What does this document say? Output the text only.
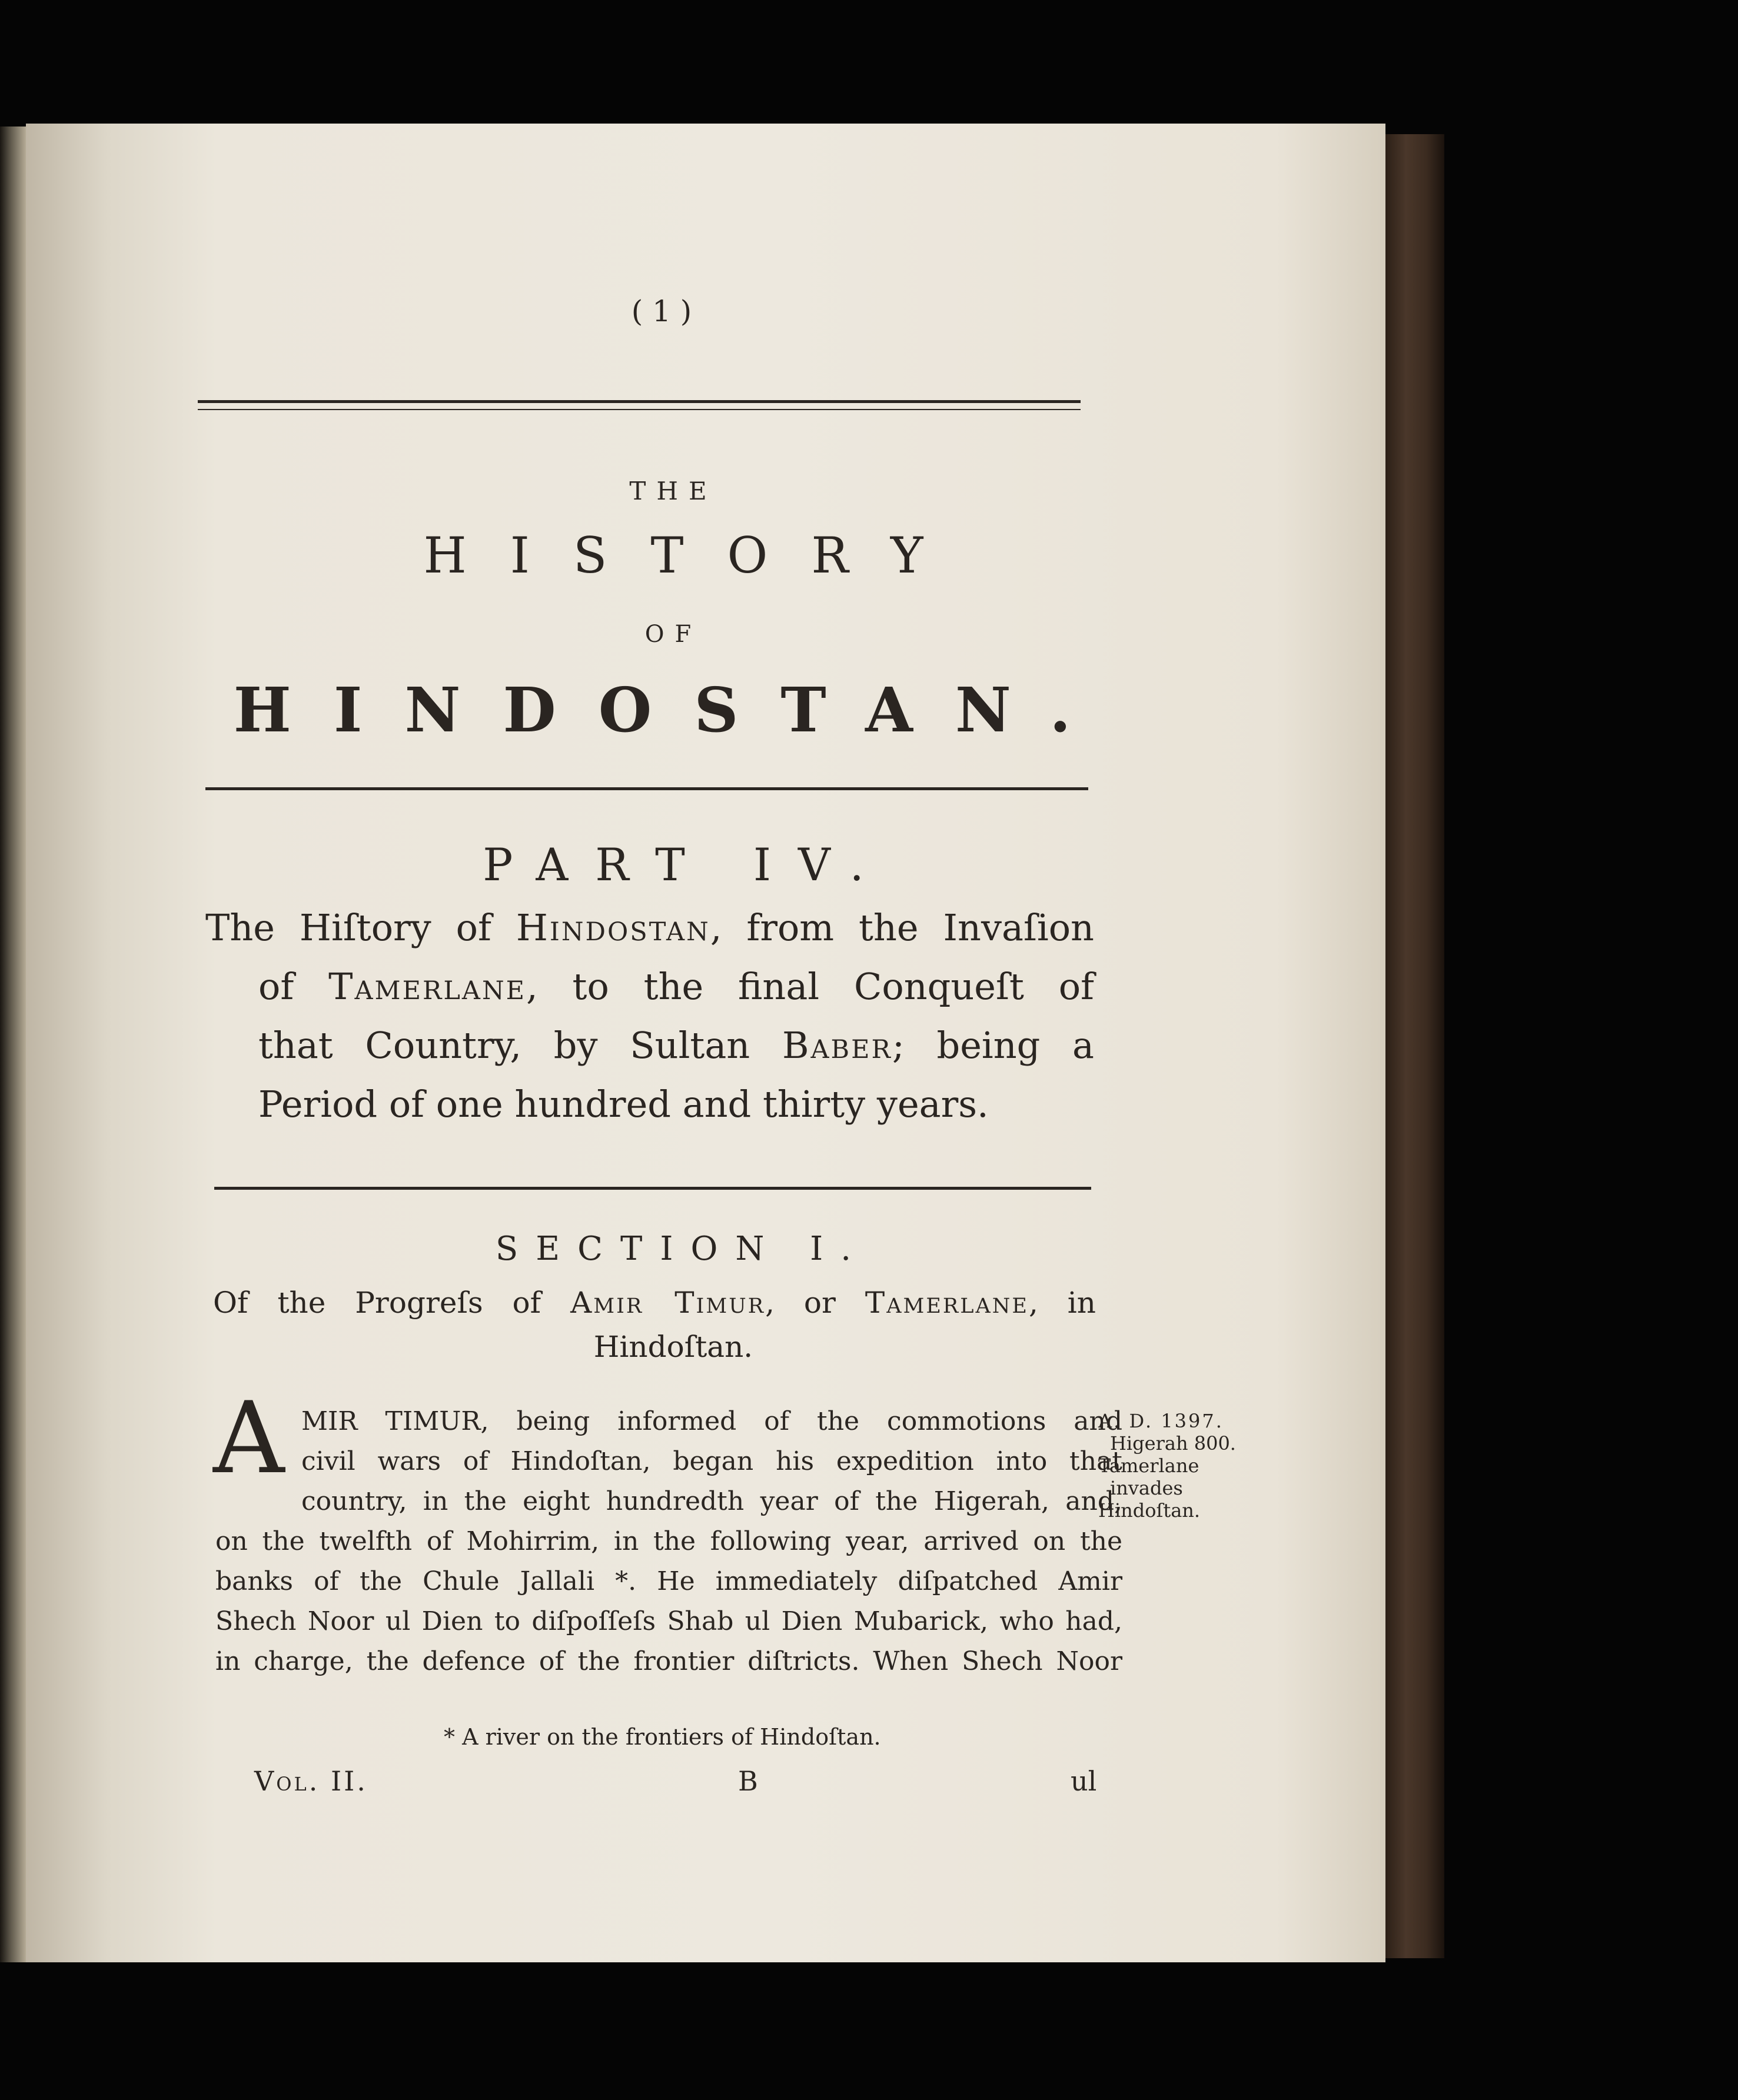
( 1 )
THE
HISTORY
OF
HINDOSTAN.
PART IV.
The Hiſtory of Hindostan, from the Invaſion
of Tamerlane, to the final Conqueſt of
that Country, by Sultan Baber; being a
Period of one hundred and thirty years.
SECTION I.
Of the Progreſs of Amir Timur, or Tamerlane, in
Hindoſtan.
A MIR TIMUR, being informed of the commotions and
civil wars of Hindoſtan, began his expedition into that
country, in the eight hundredth year of the Higerah, and,
on the twelfth of Mohirrim, in the following year, arrived on the
banks of the Chule Jallali *. He immediately diſpatched Amir
Shech Noor ul Dien to diſpoſſeſs Shab ul Dien Mubarick, who had,
in charge, the defence of the frontier diſtricts. When Shech Noor
A. D. 1397.
Higerah 800.
Tamerlane
invades
Hindoſtan.
* A river on the frontiers of Hindoſtan.
Vol. II.	B	ul
